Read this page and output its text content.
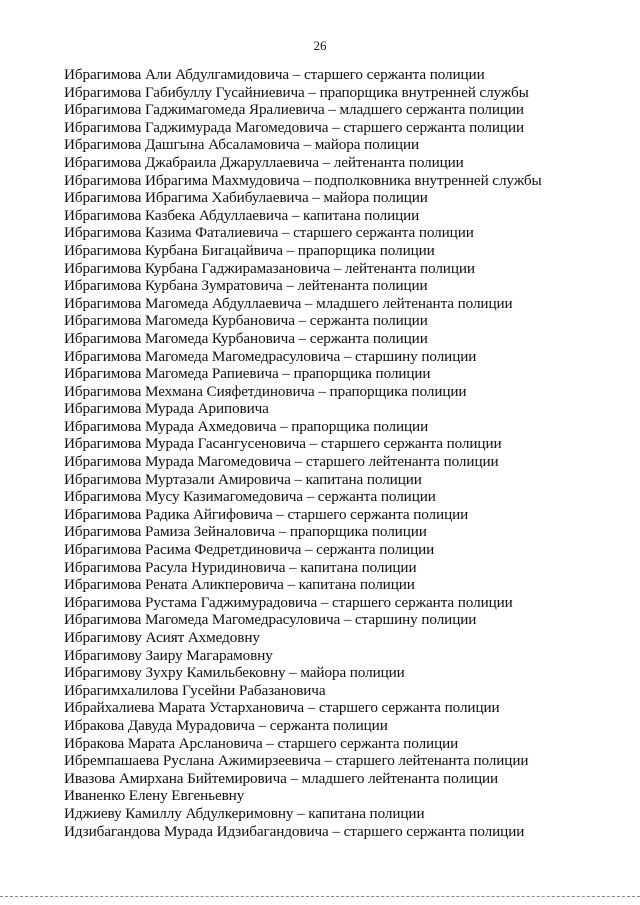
26
Ибрагимова Али Абдулгамидовича – старшего сержанта полиции
Ибрагимова Габибуллу Гусайниевича – прапорщика внутренней службы
Ибрагимова Гаджимагомеда Яралиевича – младшего сержанта полиции
Ибрагимова Гаджимурада Магомедовича – старшего сержанта полиции
Ибрагимова Дашгына Абсаламовича – майора полиции
Ибрагимова Джабраила Джаруллаевича – лейтенанта полиции
Ибрагимова Ибрагима Махмудовича – подполковника внутренней службы
Ибрагимова Ибрагима Хабибулаевича – майора полиции
Ибрагимова Казбека Абдуллаевича – капитана полиции
Ибрагимова Казима Фаталиевича – старшего сержанта полиции
Ибрагимова Курбана Бигацайвича – прапорщика полиции
Ибрагимова Курбана Гаджирамазановича – лейтенанта полиции
Ибрагимова Курбана Зумратовича – лейтенанта полиции
Ибрагимова Магомеда Абдуллаевича – младшего лейтенанта полиции
Ибрагимова Магомеда Курбановича – сержанта полиции
Ибрагимова Магомеда Курбановича – сержанта полиции
Ибрагимова Магомеда Магомедрасуловича – старшину полиции
Ибрагимова Магомеда Рапиевича – прапорщика полиции
Ибрагимова Мехмана Сияфетдиновича – прапорщика полиции
Ибрагимова Мурада Ариповича
Ибрагимова Мурада Ахмедовича – прапорщика полиции
Ибрагимова Мурада Гасангусеновича – старшего сержанта полиции
Ибрагимова Мурада Магомедовича – старшего лейтенанта полиции
Ибрагимова Муртазали Амировича – капитана полиции
Ибрагимова Мусу Казимагомедовича – сержанта полиции
Ибрагимова Радика Айгифовича – старшего сержанта полиции
Ибрагимова Рамиза Зейналовича – прапорщика полиции
Ибрагимова Расима Федретдиновича – сержанта полиции
Ибрагимова Расула Нуридиновича – капитана полиции
Ибрагимова Рената Аликперовича – капитана полиции
Ибрагимова Рустама Гаджимурадовича – старшего сержанта полиции
Ибрагимова Магомеда Магомедрасуловича – старшину полиции
Ибрагимову Асият Ахмедовну
Ибрагимову Заиру Магарамовну
Ибрагимову Зухру Камильбековну – майора полиции
Ибрагимхалилова Гусейни Рабазановича
Ибрайхалиева Марата Устархановича – старшего сержанта полиции
Ибракова Давуда Мурадовича – сержанта полиции
Ибракова Марата Арслановича – старшего сержанта полиции
Ибремпашаева Руслана Ажимирзеевича – старшего лейтенанта полиции
Ивазова Амирхана Бийтемировича – младшего лейтенанта полиции
Иваненко Елену Евгеньевну
Иджиеву Камиллу Абдулкеримовну – капитана полиции
Идзибагандова Мурада Идзибагандовича – старшего сержанта полиции
